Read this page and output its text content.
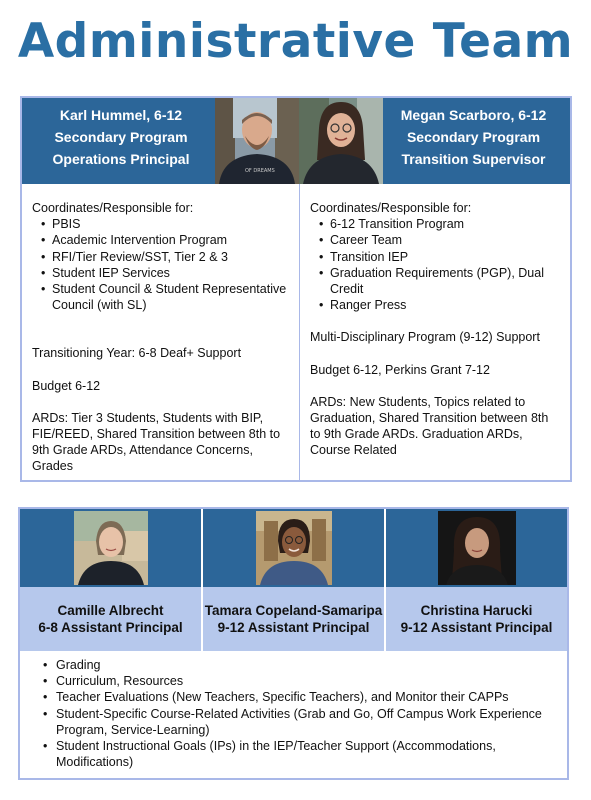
Administrative Team
Karl Hummel, 6-12
Secondary Program
Operations Principal
OF DREAMS
Megan Scarboro, 6-12
Secondary Program
Transition Supervisor

Coordinates/Responsible for:

• PBIS
• Academic Intervention Program
• RFI/Tier Review/SST, Tier 2 & 3
• Student IEP Services
• Student Council & Student Representative Council (with SL)

Transitioning Year: 6-8 Deaf+ Support

Budget 6-12

ARDs: Tier 3 Students, Students with BIP, FIE/REED, Shared Transition between 8th to 9th Grade ARDs, Attendance Concerns, Grades

Coordinates/Responsible for:

• 6-12 Transition Program
• Career Team
• Transition IEP
• Graduation Requirements (PGP), Dual Credit
• Ranger Press

Multi-Disciplinary Program (9-12) Support

Budget 6-12, Perkins Grant 7-12

ARDs: New Students, Topics related to Graduation, Shared Transition between 8th to 9th Grade ARDs. Graduation ARDs, Course Related

Camille Albrecht
6-8 Assistant Principal
Tamara Copeland-Samaripa
9-12 Assistant Principal
Christina Harucki
9-12 Assistant Principal
• Grading
• Curriculum, Resources
• Teacher Evaluations (New Teachers, Specific Teachers), and Monitor their CAPPs
• Student-Specific Course-Related Activities (Grab and Go, Off Campus Work Experience Program, Service-Learning)
• Student Instructional Goals (IPs) in the IEP/Teacher Support (Accommodations, Modifications)
